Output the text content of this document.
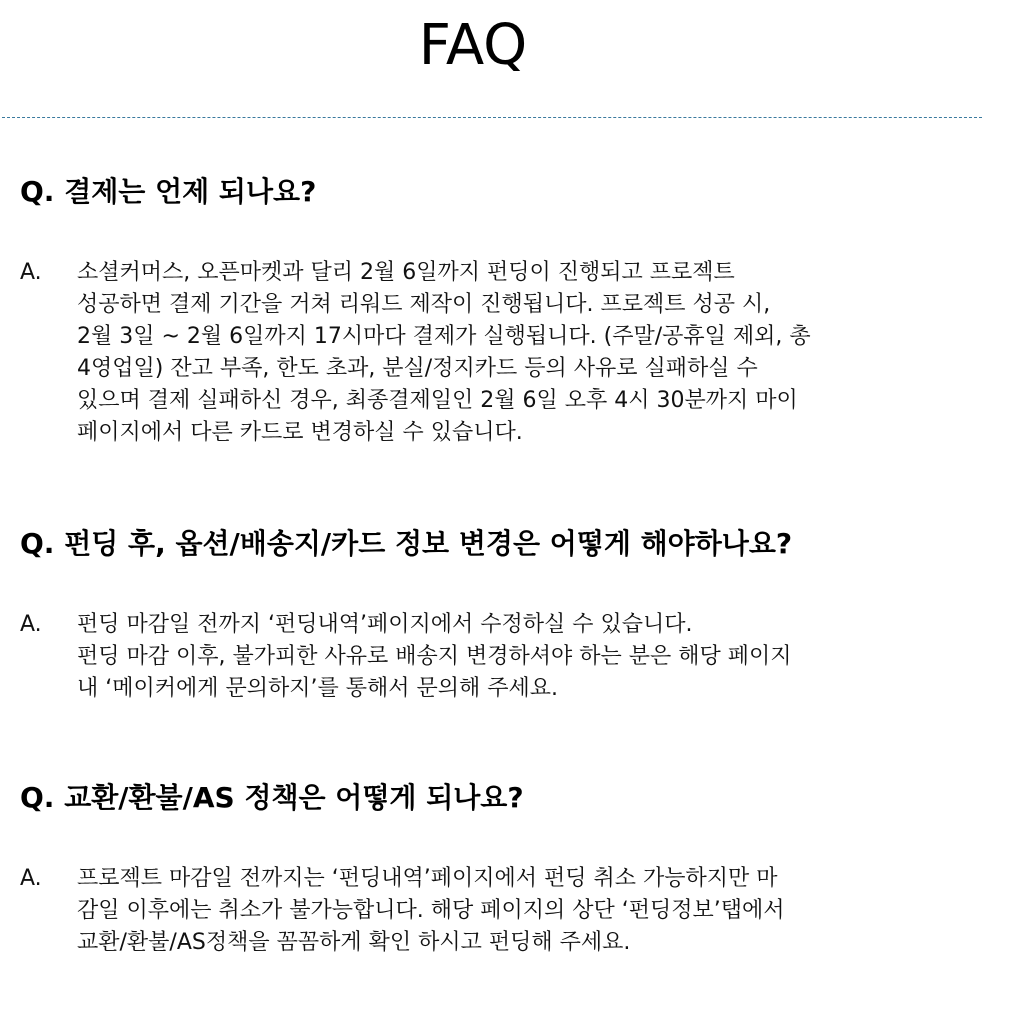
FAQ
Q. 결제는 언제 되나요?
A. 소셜커머스, 오픈마켓과 달리 2월 6일까지 펀딩이 진행되고 프로젝트
성공하면 결제 기간을 거쳐 리워드 제작이 진행됩니다. 프로젝트 성공 시,
2월 3일 ~ 2월 6일까지 17시마다 결제가 실행됩니다. (주말/공휴일 제외, 총
4영업일) 잔고 부족, 한도 초과, 분실/정지카드 등의 사유로 실패하실 수
있으며 결제 실패하신 경우, 최종결제일인 2월 6일 오후 4시 30분까지 마이
페이지에서 다른 카드로 변경하실 수 있습니다.
Q. 펀딩 후, 옵션/배송지/카드 정보 변경은 어떻게 해야하나요?
A. 펀딩 마감일 전까지 ‘펀딩내역’페이지에서 수정하실 수 있습니다.
펀딩 마감 이후, 불가피한 사유로 배송지 변경하셔야 하는 분은 해당 페이지
내 ‘메이커에게 문의하지’를 통해서 문의해 주세요.
Q. 교환/환불/AS 정책은 어떻게 되나요?
A. 프로젝트 마감일 전까지는 ‘펀딩내역’페이지에서 펀딩 취소 가능하지만 마
감일 이후에는 취소가 불가능합니다. 해당 페이지의 상단 ‘펀딩정보’탭에서
교환/환불/AS정책을 꼼꼼하게 확인 하시고 펀딩해 주세요.
